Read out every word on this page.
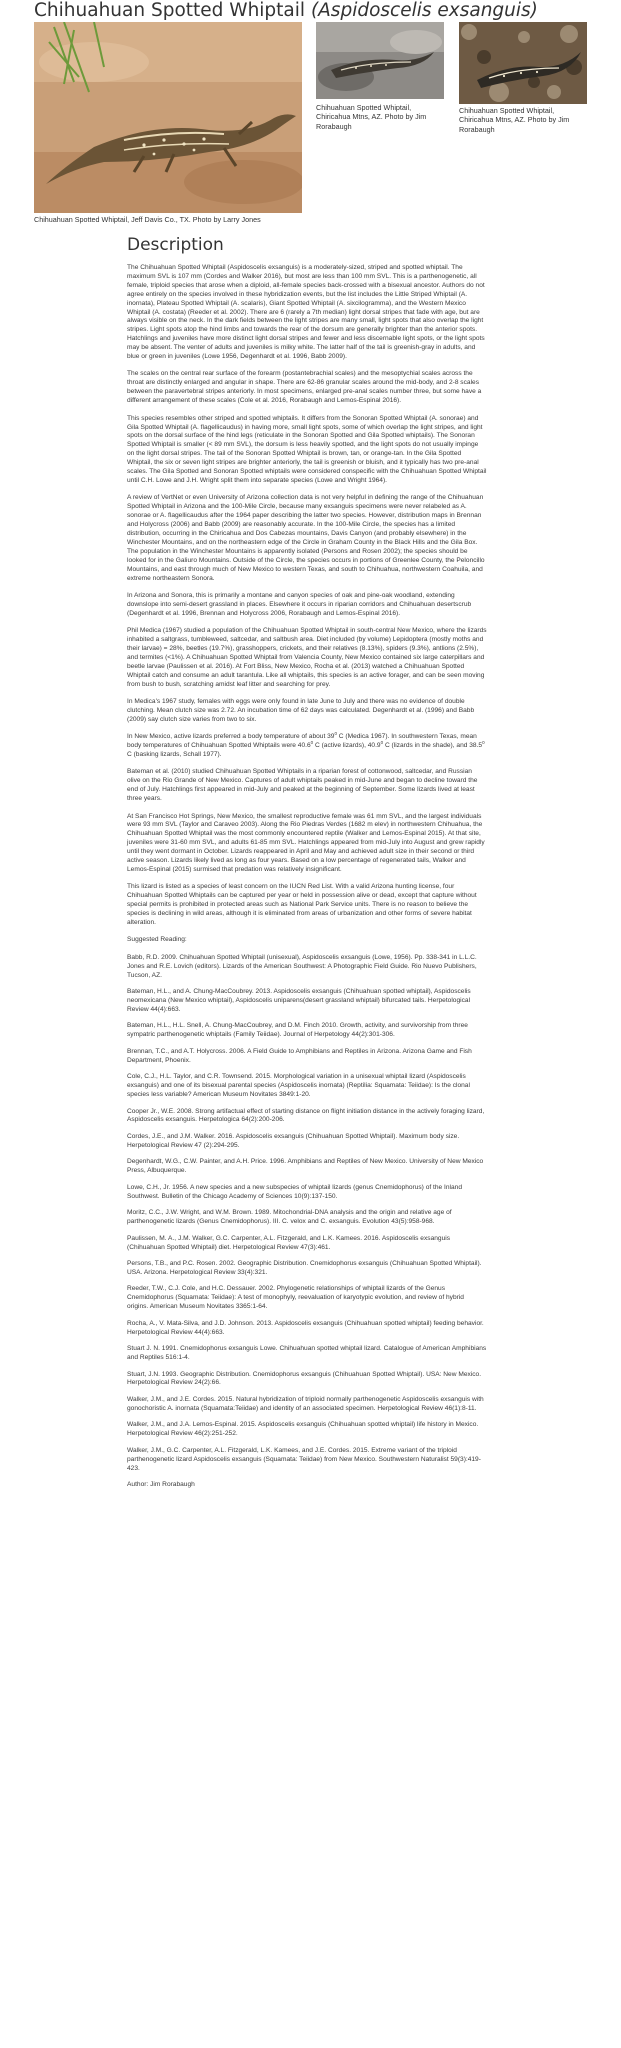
Chihuahuan Spotted Whiptail (Aspidoscelis exsanguis)
Chihuahuan Spotted Whiptail, Jeff Davis Co., TX. Photo by Larry Jones
Chihuahuan Spotted Whiptail, Chiricahua Mtns, AZ. Photo by Jim Rorabaugh
Chihuahuan Spotted Whiptail, Chiricahua Mtns, AZ. Photo by Jim Rorabaugh
Description

The Chihuahuan Spotted Whiptail (Aspidoscelis exsanguis) is a moderately-sized, striped and spotted whiptail. The maximum SVL is 107 mm (Cordes and Walker 2016), but most are less than 100 mm SVL. This is a parthenogenetic, all female, triploid species that arose when a diploid, all-female species back-crossed with a bisexual ancestor. Authors do not agree entirely on the species involved in these hybridization events, but the list includes the Little Striped Whiptail (A. inornata), Plateau Spotted Whiptail (A. scalaris), Giant Spotted Whiptail (A. sixcilogramma), and the Western Mexico Whiptail (A. costata) (Reeder et al. 2002). There are 6 (rarely a 7th median) light dorsal stripes that fade with age, but are always visible on the neck. In the dark fields between the light stripes are many small, light spots that also overlap the light stripes. Light spots atop the hind limbs and towards the rear of the dorsum are generally brighter than the anterior spots. Hatchlings and juveniles have more distinct light dorsal stripes and fewer and less discernable light spots, or the light spots may be absent. The venter of adults and juveniles is milky white. The latter half of the tail is greenish-gray in adults, and blue or green in juveniles (Lowe 1956, Degenhardt et al. 1996, Babb 2009).

The scales on the central rear surface of the forearm (postantebrachial scales) and the mesoptychial scales across the throat are distinctly enlarged and angular in shape. There are 62-86 granular scales around the mid-body, and 2-8 scales between the paravertebral stripes anteriorly. In most specimens, enlarged pre-anal scales number three, but some have a different arrangement of these scales (Cole et al. 2016, Rorabaugh and Lemos-Espinal 2016).

This species resembles other striped and spotted whiptails. It differs from the Sonoran Spotted Whiptail (A. sonorae) and Gila Spotted Whiptail (A. flagellicaudus) in having more, small light spots, some of which overlap the light stripes, and light spots on the dorsal surface of the hind legs (reticulate in the Sonoran Spotted and Gila Spotted whiptails). The Sonoran Spotted Whiptail is smaller (< 89 mm SVL), the dorsum is less heavily spotted, and the light spots do not usually impinge on the light dorsal stripes. The tail of the Sonoran Spotted Whiptail is brown, tan, or orange-tan. In the Gila Spotted Whiptail, the six or seven light stripes are brighter anteriorly, the tail is greenish or bluish, and it typically has two pre-anal scales. The Gila Spotted and Sonoran Spotted whiptails were considered conspecific with the Chihuahuan Spotted Whiptail until C.H. Lowe and J.H. Wright split them into separate species (Lowe and Wright 1964).

A review of VertNet or even University of Arizona collection data is not very helpful in defining the range of the Chihuahuan Spotted Whiptail in Arizona and the 100-Mile Circle, because many exsanguis specimens were never relabeled as A. sonorae or A. flagellicaudus after the 1964 paper describing the latter two species. However, distribution maps in Brennan and Holycross (2006) and Babb (2009) are reasonably accurate. In the 100-Mile Circle, the species has a limited distribution, occurring in the Chiricahua and Dos Cabezas mountains, Davis Canyon (and probably elsewhere) in the Winchester Mountains, and on the northeastern edge of the Circle in Graham County in the Black Hills and the Gila Box. The population in the Winchester Mountains is apparently isolated (Persons and Rosen 2002); the species should be looked for in the Galiuro Mountains. Outside of the Circle, the species occurs in portions of Greenlee County, the Peloncillo Mountains, and east through much of New Mexico to western Texas, and south to Chihuahua, northwestern Coahuila, and extreme northeastern Sonora.

In Arizona and Sonora, this is primarily a montane and canyon species of oak and pine-oak woodland, extending downslope into semi-desert grassland in places. Elsewhere it occurs in riparian corridors and Chihuahuan desertscrub (Degenhardt et al. 1996, Brennan and Holycross 2006, Rorabaugh and Lemos-Espinal 2016).

Phil Medica (1967) studied a population of the Chihuahuan Spotted Whiptail in south-central New Mexico, where the lizards inhabited a saltgrass, tumbleweed, saltcedar, and saltbush area. Diet included (by volume) Lepidoptera (mostly moths and their larvae) = 28%, beetles (19.7%), grasshoppers, crickets, and their relatives (8.13%), spiders (9.3%), antlions (2.5%), and termites (<1%). A Chihuahuan Spotted Whiptail from Valencia County, New Mexico contained six large caterpillars and beetle larvae (Paulissen et al. 2016). At Fort Bliss, New Mexico, Rocha et al. (2013) watched a Chihuahuan Spotted Whiptail catch and consume an adult tarantula. Like all whiptails, this species is an active forager, and can be seen moving from bush to bush, scratching amidst leaf litter and searching for prey.

In Medica's 1967 study, females with eggs were only found in late June to July and there was no evidence of double clutching. Mean clutch size was 2.72. An incubation time of 62 days was calculated. Degenhardt et al. (1996) and Babb (2009) say clutch size varies from two to six.

In New Mexico, active lizards preferred a body temperature of about $39^0$ C (Medica 1967). In southwestern Texas, mean body temperatures of Chihuahuan Spotted Whiptails were 40.6$^0$ C (active lizards), 40.9$^0$ C (lizards in the shade), and 38.5$^0$ C (basking lizards, Schall 1977).

Bateman et al. (2010) studied Chihuahuan Spotted Whiptails in a riparian forest of cottonwood, saltcedar, and Russian olive on the Rio Grande of New Mexico. Captures of adult whiptails peaked in mid-June and began to decline toward the end of July. Hatchlings first appeared in mid-July and peaked at the beginning of September. Some lizards lived at least three years.

At San Francisco Hot Springs, New Mexico, the smallest reproductive female was 61 mm SVL, and the largest individuals were 93 mm SVL (Taylor and Caraveo 2003). Along the Rio Piedras Verdes (1682 m elev) in northwestern Chihuahua, the Chihuahuan Spotted Whiptail was the most commonly encountered reptile (Walker and Lemos-Espinal 2015). At that site, juveniles were 31-60 mm SVL, and adults 61-85 mm SVL. Hatchlings appeared from mid-July into August and grew rapidly until they went dormant in October. Lizards reappeared in April and May and achieved adult size in their second or third active season. Lizards likely lived as long as four years. Based on a low percentage of regenerated tails, Walker and Lemos-Espinal (2015) surmised that predation was relatively insignificant.

This lizard is listed as a species of least concern on the IUCN Red List. With a valid Arizona hunting license, four Chihuahuan Spotted Whiptails can be captured per year or held in possession alive or dead, except that capture without special permits is prohibited in protected areas such as National Park Service units. There is no reason to believe the species is declining in wild areas, although it is eliminated from areas of urbanization and other forms of severe habitat alteration.

Suggested Reading:

Babb, R.D. 2009. Chihuahuan Spotted Whiptail (unisexual), Aspidoscelis exsanguis (Lowe, 1956). Pp. 338-341 in L.L.C. Jones and R.E. Lovich (editors). Lizards of the American Southwest: A Photographic Field Guide. Rio Nuevo Publishers, Tucson, AZ.

Bateman, H.L., and A. Chung-MacCoubrey. 2013. Aspidoscelis exsanguis (Chihuahuan spotted whiptail), Aspidoscelis neomexicana (New Mexico whiptail), Aspidoscelis uniparens(desert grassland whiptail) bifurcated tails. Herpetological Review 44(4):663.

Bateman, H.L., H.L. Snell, A. Chung-MacCoubrey, and D.M. Finch 2010. Growth, activity, and survivorship from three sympatric parthenogenetic whiptails (Family Teiidae). Journal of Herpetology 44(2):301-306.

Brennan, T.C., and A.T. Holycross. 2006. A Field Guide to Amphibians and Reptiles in Arizona. Arizona Game and Fish Department, Phoenix.

Cole, C.J., H.L. Taylor, and C.R. Townsend. 2015. Morphological variation in a unisexual whiptail lizard (Aspidoscelis exsanguis) and one of its bisexual parental species (Aspidoscelis inornata) (Reptilia: Squamata: Teiidae): Is the clonal species less variable? American Museum Novitates 3849:1-20.

Cooper Jr., W.E. 2008. Strong artifactual effect of starting distance on flight initiation distance in the actively foraging lizard, Aspidoscelis exsanguis. Herpetologica 64(2):200-206.

Cordes, J.E., and J.M. Walker. 2016. Aspidoscelis exsanguis (Chihuahuan Spotted Whiptail). Maximum body size. Herpetological Review 47 (2):294-295.

Degenhardt, W.G., C.W. Painter, and A.H. Price. 1996. Amphibians and Reptiles of New Mexico. University of New Mexico Press, Albuquerque.

Lowe, C.H., Jr. 1956. A new species and a new subspecies of whiptail lizards (genus Cnemidophorus) of the Inland Southwest. Bulletin of the Chicago Academy of Sciences 10(9):137-150.

Moritz, C.C., J.W. Wright, and W.M. Brown. 1989. Mitochondrial-DNA analysis and the origin and relative age of parthenogenetic lizards (Genus Cnemidophorus). III. C. velox and C. exsanguis. Evolution 43(5):958-968.

Paulissen, M. A., J.M. Walker, G.C. Carpenter, A.L. Fitzgerald, and L.K. Kamees. 2016. Aspidoscelis exsanguis (Chihuahuan Spotted Whiptail) diet. Herpetological Review 47(3):461.

Persons, T.B., and P.C. Rosen. 2002. Geographic Distribution. Cnemidophorus exsanguis (Chihuahuan Spotted Whiptail). USA. Arizona. Herpetological Review 33(4):321.

Reeder, T.W., C.J. Cole, and H.C. Dessauer. 2002. Phylogenetic relationships of whiptail lizards of the Genus Cnemidophorus (Squamata: Teiidae): A test of monophyly, reevaluation of karyotypic evolution, and review of hybrid origins. American Museum Novitates 3365:1-64.

Rocha, A., V. Mata-Silva, and J.D. Johnson. 2013. Aspidoscelis exsanguis (Chihuahuan spotted whiptail) feeding behavior. Herpetological Review 44(4):663.

Stuart J. N. 1991. Cnemidophorus exsanguis Lowe. Chihuahuan spotted whiptail lizard. Catalogue of American Amphibians and Reptiles 516:1-4.

Stuart, J.N. 1993. Geographic Distribution. Cnemidophorus exsanguis (Chihuahuan Spotted Whiptail). USA: New Mexico. Herpetological Review 24(2):66.

Walker, J.M., and J.E. Cordes. 2015. Natural hybridization of triploid normally parthenogenetic Aspidoscelis exsanguis with gonochoristic A. inornata (Squamata:Teiidae) and identity of an associated specimen. Herpetological Review 46(1):8-11.

Walker, J.M., and J.A. Lemos-Espinal. 2015. Aspidoscelis exsanguis (Chihuahuan spotted whiptail) life history in Mexico. Herpetological Review 46(2):251-252.

Walker, J.M., G.C. Carpenter, A.L. Fitzgerald, L.K. Kamees, and J.E. Cordes. 2015. Extreme variant of the triploid parthenogenetic lizard Aspidoscelis exsanguis (Squamata: Teiidae) from New Mexico. Southwestern Naturalist 59(3):419-423.

Author: Jim Rorabaugh
